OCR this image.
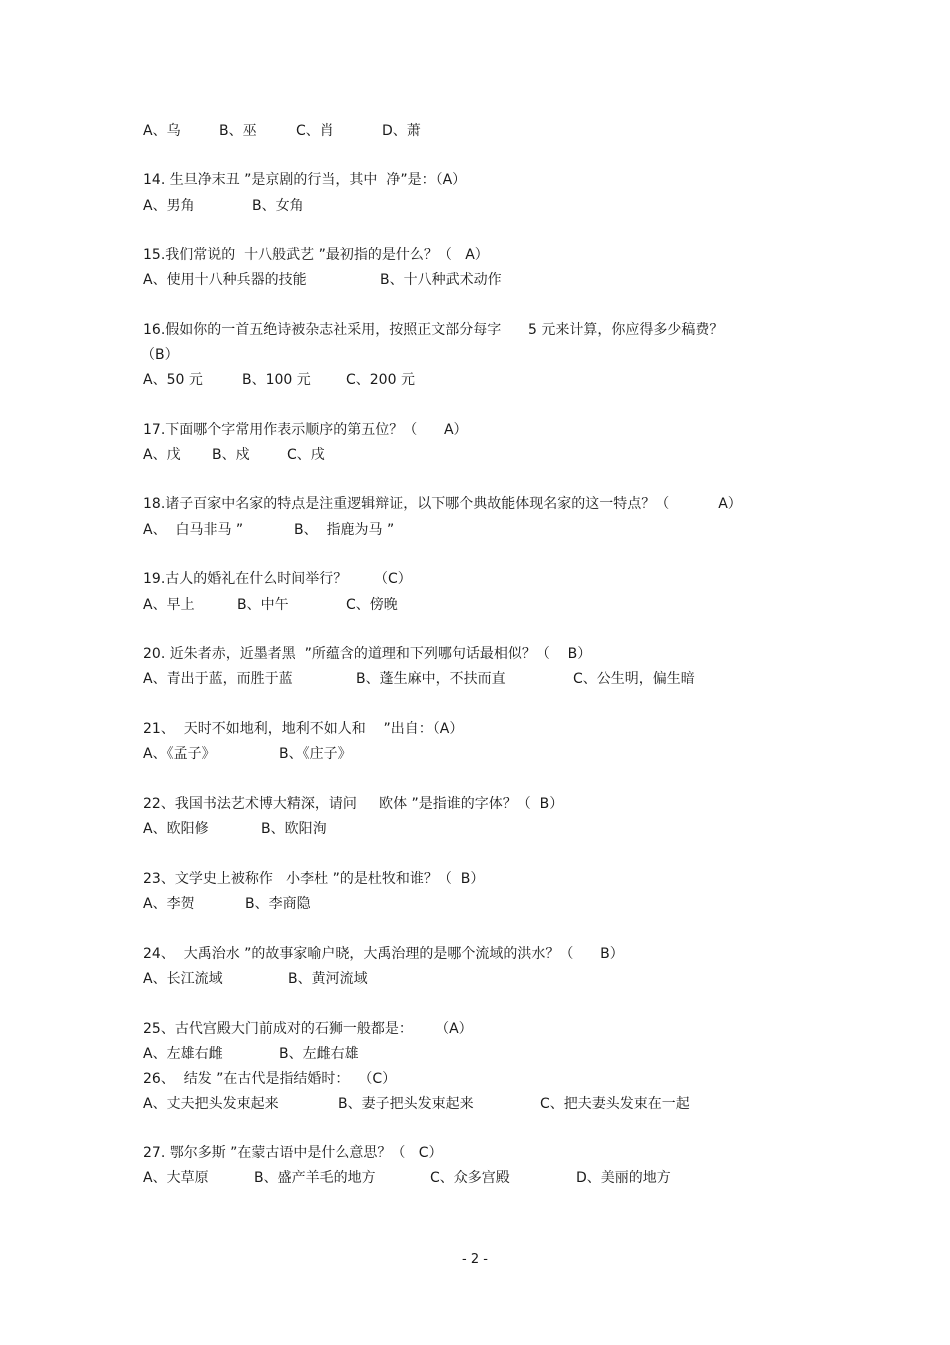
A、乌	B、巫	C、肖	D、萧
14. 生旦净末丑 ”是京剧的行当，其中  净”是：（A）
A、男角	B、女角
15.我们常说的  十八般武艺 ”最初指的是什么？（   A）
A、使用十八种兵器的技能	B、十八种武术动作
16.假如你的一首五绝诗被杂志社采用，按照正文部分每字      5 元来计算，你应得多少稿费？
（B）
A、50 元	B、100 元	C、200 元
17.下面哪个字常用作表示顺序的第五位？（      A）
A、戊 B、戍	C、戌
18.诸子百家中名家的特点是注重逻辑辩证，以下哪个典故能体现名家的这一特点？（           A）
A、  白马非马 ”	B、  指鹿为马 ”
19.古人的婚礼在什么时间举行？      （C）
A、早上	B、中午	C、傍晚
20. 近朱者赤，近墨者黑  ”所蕴含的道理和下列哪句话最相似？（    B）
A、青出于蓝，而胜于蓝	B、蓬生麻中，不扶而直	C、公生明，偏生暗
21、  天时不如地利，地利不如人和    ”出自：（A）
A、《孟子》	B、《庄子》
22、我国书法艺术博大精深，请问     欧体 ”是指谁的字体？（  B）
A、欧阳修	B、欧阳洵
23、文学史上被称作   小李杜 ”的是杜牧和谁？（  B）
A、李贺	B、李商隐
24、  大禹治水 ”的故事家喻户晓，大禹治理的是哪个流域的洪水？（      B）
A、长江流域	B、黄河流域
25、古代宫殿大门前成对的石狮一般都是：     （A）
A、左雄右雌	B、左雌右雄
26、  结发 ”在古代是指结婚时：  （C）
A、丈夫把头发束起来	B、妻子把头发束起来	C、把夫妻头发束在一起
27. 鄂尔多斯 ”在蒙古语中是什么意思？（   C）
A、大草原	B、盛产羊毛的地方	C、众多宫殿	D、美丽的地方
- 2 -
